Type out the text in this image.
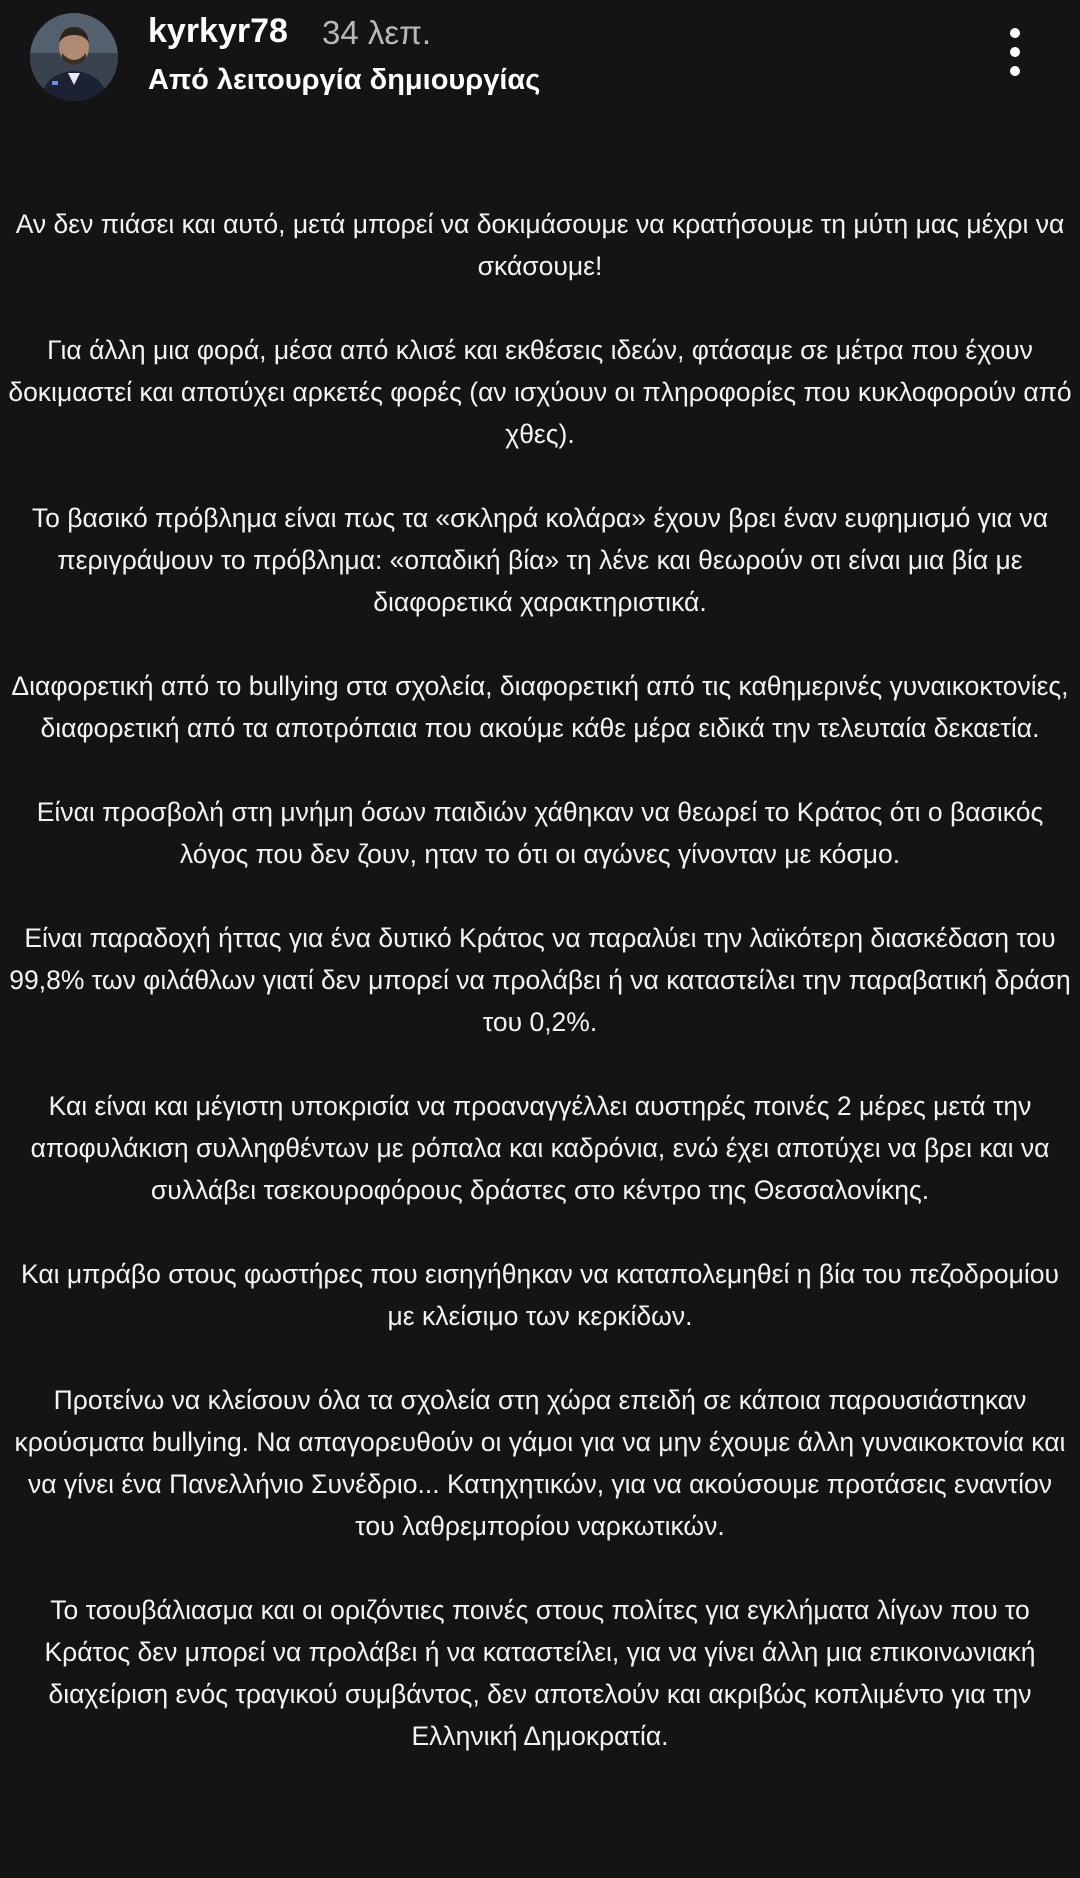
kyrkyr78 34 λεπ.
Από λειτουργία δημιουργίας

Αν δεν πιάσει και αυτό, μετά μπορεί να δοκιμάσουμε να κρατήσουμε τη μύτη μας μέχρι να σκάσουμε!

Για άλλη μια φορά, μέσα από κλισέ και εκθέσεις ιδεών, φτάσαμε σε μέτρα που έχουν δοκιμαστεί και αποτύχει αρκετές φορές (αν ισχύουν οι πληροφορίες που κυκλοφορούν από χθες).

Το βασικό πρόβλημα είναι πως τα «σκληρά κολάρα» έχουν βρει έναν ευφημισμό για να περιγράψουν το πρόβλημα: «οπαδική βία» τη λένε και θεωρούν οτι είναι μια βία με διαφορετικά χαρακτηριστικά.

Διαφορετική από το bullying στα σχολεία, διαφορετική από τις καθημερινές γυναικοκτονίες, διαφορετική από τα αποτρόπαια που ακούμε κάθε μέρα ειδικά την τελευταία δεκαετία.

Είναι προσβολή στη μνήμη όσων παιδιών χάθηκαν να θεωρεί το Κράτος ότι ο βασικός λόγος που δεν ζουν, ηταν το ότι οι αγώνες γίνονταν με κόσμο.

Είναι παραδοχή ήττας για ένα δυτικό Κράτος να παραλύει την λαϊκότερη διασκέδαση του 99,8% των φιλάθλων γιατί δεν μπορεί να προλάβει ή να καταστείλει την παραβατική δράση του 0,2%.

Και είναι και μέγιστη υποκρισία να προαναγγέλλει αυστηρές ποινές 2 μέρες μετά την αποφυλάκιση συλληφθέντων με ρόπαλα και καδρόνια, ενώ έχει αποτύχει να βρει και να συλλάβει τσεκουροφόρους δράστες στο κέντρο της Θεσσαλονίκης.

Και μπράβο στους φωστήρες που εισηγήθηκαν να καταπολεμηθεί η βία του πεζοδρομίου με κλείσιμο των κερκίδων.

Προτείνω να κλείσουν όλα τα σχολεία στη χώρα επειδή σε κάποια παρουσιάστηκαν κρούσματα bullying. Να απαγορευθούν οι γάμοι για να μην έχουμε άλλη γυναικοκτονία και να γίνει ένα Πανελλήνιο Συνέδριο... Κατηχητικών, για να ακούσουμε προτάσεις εναντίον του λαθρεμπορίου ναρκωτικών.

Το τσουβάλιασμα και οι οριζόντιες ποινές στους πολίτες για εγκλήματα λίγων που το Κράτος δεν μπορεί να προλάβει ή να καταστείλει, για να γίνει άλλη μια επικοινωνιακή διαχείριση ενός τραγικού συμβάντος, δεν αποτελούν και ακριβώς κοπλιμέντο για την Ελληνική Δημοκρατία.
